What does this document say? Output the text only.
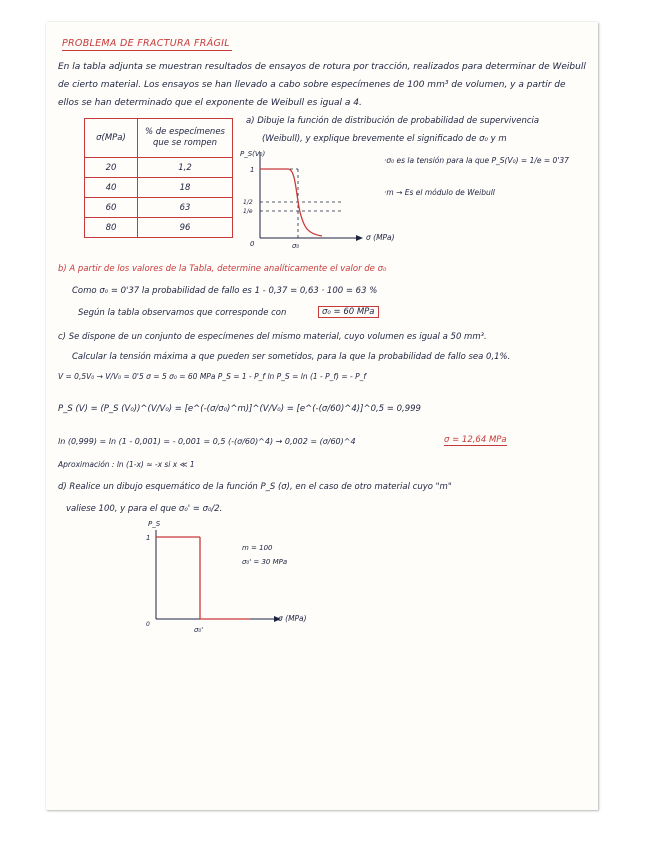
PROBLEMA DE FRACTURA FRÁGIL
En la tabla adjunta se muestran resultados de ensayos de rotura por tracción, realizados para determinar de Weibull
de cierto material. Los ensayos se han llevado a cabo sobre especímenes de 100 mm³ de volumen, y a partir de
ellos se han determinado que el exponente de Weibull es igual a 4.
σ(MPa)	% de especímenes que se rompen
20	1,2
40	18
60	63
80	96
a) Dibuje la función de distribución de probabilidad de supervivencia
(Weibull), y explique brevemente el significado de σ₀ y m
·σ₀ es la tensión para la que P_S(V₀) = 1/e = 0'37
·m → Es el módulo de Weibull
P_S(V₀)
1
1/2
1/e
0	σ₀
σ (MPa)
b) A partir de los valores de la Tabla, determine analíticamente el valor de σ₀
Como σ₀ = 0'37 la probabilidad de fallo es 1 - 0,37 = 0,63 · 100 = 63 %
Según la tabla observamos que corresponde con	σ₀ = 60 MPa
c) Se dispone de un conjunto de especímenes del mismo material, cuyo volumen es igual a 50 mm³.
Calcular la tensión máxima a que pueden ser sometidos, para la que la probabilidad de fallo sea 0,1%.
V = 0,5V₀ → V/V₀ = 0'5 σ = 5 σ₀ = 60 MPa P_S = 1 - P_f ln P_S = ln (1 - P_f) = - P_f
P_S (V) = (P_S (V₀))^(V/V₀) = [e^(-(σ/σ₀)^m)]^(V/V₀) = [e^(-(σ/60)^4)]^0,5 = 0,999
ln (0,999) = ln (1 - 0,001) = - 0,001 = 0,5 (-(σ/60)^4) → 0,002 = (σ/60)^4	σ = 12,64 MPa
Aproximación : ln (1-x) ≈ -x si x ≪ 1
d) Realice un dibujo esquemático de la función P_S (σ), en el caso de otro material cuyo "m"
valiese 100, y para el que σ₀' = σ₀/2.
P_S
1
0
σ₀'
σ (MPa)
m = 100
σ₀' = 30 MPa
